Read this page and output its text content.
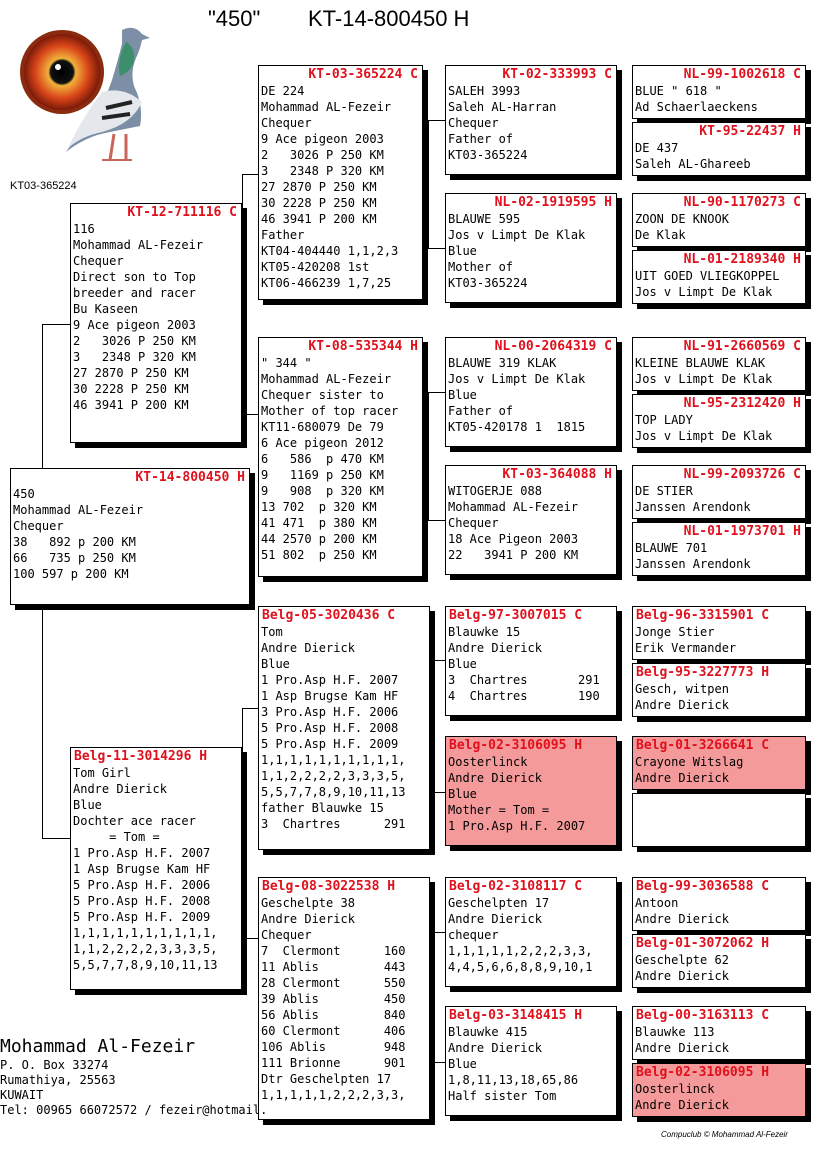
"450" KT-14-800450 H
KT03-365224
KT-14-800450 H
450
Mohammad AL-Fezeir
Chequer
38   892 p 200 KM
66   735 p 250 KM
100 597 p 200 KM
KT-12-711116 C
116
Mohammad AL-Fezeir
Chequer
Direct son to Top
breeder and racer
Bu Kaseen
9 Ace pigeon 2003
2   3026 P 250 KM
3   2348 P 320 KM
27 2870 P 250 KM
30 2228 P 250 KM
46 3941 P 200 KM
Belg-11-3014296 H
Tom Girl
Andre Dierick
Blue
Dochter ace racer
= Tom =
1 Pro.Asp H.F. 2007
1 Asp Brugse Kam HF
5 Pro.Asp H.F. 2006
5 Pro.Asp H.F. 2008
5 Pro.Asp H.F. 2009
1,1,1,1,1,1,1,1,1,1,
1,1,2,2,2,2,3,3,3,5,
5,5,7,7,8,9,10,11,13
KT-03-365224 C
DE 224
Mohammad AL-Fezeir
Chequer
9 Ace pigeon 2003
2   3026 P 250 KM
3   2348 P 320 KM
27 2870 P 250 KM
30 2228 P 250 KM
46 3941 P 200 KM
Father
KT04-404440 1,1,2,3
KT05-420208 1st
KT06-466239 1,7,25
KT-08-535344 H
" 344 "
Mohammad AL-Fezeir
Chequer sister to
Mother of top racer
KT11-680079 De 79
6 Ace pigeon 2012
6   586  p 470 KM
9   1169 p 250 KM
9   908  p 320 KM
13 702  p 320 KM
41 471  p 380 KM
44 2570 p 200 KM
51 802  p 250 KM
Belg-05-3020436 C
Tom
Andre Dierick
Blue
1 Pro.Asp H.F. 2007
1 Asp Brugse Kam HF
3 Pro.Asp H.F. 2006
5 Pro.Asp H.F. 2008
5 Pro.Asp H.F. 2009
1,1,1,1,1,1,1,1,1,1,
1,1,2,2,2,2,3,3,3,5,
5,5,7,7,8,9,10,11,13
father Blauwke 15
3  Chartres      291
Belg-08-3022538 H
Geschelpte 38
Andre Dierick
Chequer
7  Clermont      160
11 Ablis         443
28 Clermont      550
39 Ablis         450
56 Ablis         840
60 Clermont      406
106 Ablis        948
111 Brionne      901
Dtr Geschelpten 17
1,1,1,1,1,2,2,2,3,3,
KT-02-333993 C
SALEH 3993
Saleh AL-Harran
Chequer
Father of
KT03-365224
NL-02-1919595 H
BLAUWE 595
Jos v Limpt De Klak
Blue
Mother of
KT03-365224
NL-00-2064319 C
BLAUWE 319 KLAK
Jos v Limpt De Klak
Blue
Father of
KT05-420178 1  1815
KT-03-364088 H
WITOGERJE 088
Mohammad AL-Fezeir
Chequer
18 Ace Pigeon 2003
22   3941 P 200 KM
Belg-97-3007015 C
Blauwke 15
Andre Dierick
Blue
3  Chartres       291
4  Chartres       190
Belg-02-3106095 H
Oosterlinck
Andre Dierick
Blue
Mother = Tom =
1 Pro.Asp H.F. 2007
Belg-02-3108117 C
Geschelpten 17
Andre Dierick
chequer
1,1,1,1,1,2,2,2,3,3,
4,4,5,6,6,8,8,9,10,1
Belg-03-3148415 H
Blauwke 415
Andre Dierick
Blue
1,8,11,13,18,65,86
Half sister Tom
NL-99-1002618 C
BLUE " 618 "
Ad Schaerlaeckens
KT-95-22437 H
DE 437
Saleh AL-Ghareeb
NL-90-1170273 C
ZOON DE KNOOK
De Klak
NL-01-2189340 H
UIT GOED VLIEGKOPPEL
Jos v Limpt De Klak
NL-91-2660569 C
KLEINE BLAUWE KLAK
Jos v Limpt De Klak
NL-95-2312420 H
TOP LADY
Jos v Limpt De Klak
NL-99-2093726 C
DE STIER
Janssen Arendonk
NL-01-1973701 H
BLAUWE 701
Janssen Arendonk
Belg-96-3315901 C
Jonge Stier
Erik Vermander
Belg-95-3227773 H
Gesch, witpen
Andre Dierick
Belg-01-3266641 C
Crayone Witslag
Andre Dierick
Belg-99-3036588 C
Antoon
Andre Dierick
Belg-01-3072062 H
Geschelpte 62
Andre Dierick
Belg-00-3163113 C
Blauwke 113
Andre Dierick
Belg-02-3106095 H
Oosterlinck
Andre Dierick
Mohammad Al-Fezeir
P. O. Box 33274
Rumathiya, 25563
KUWAIT
Tel: 00965 66072572 / fezeir@hotmail.
Compuclub © Mohammad Al-Fezeir
